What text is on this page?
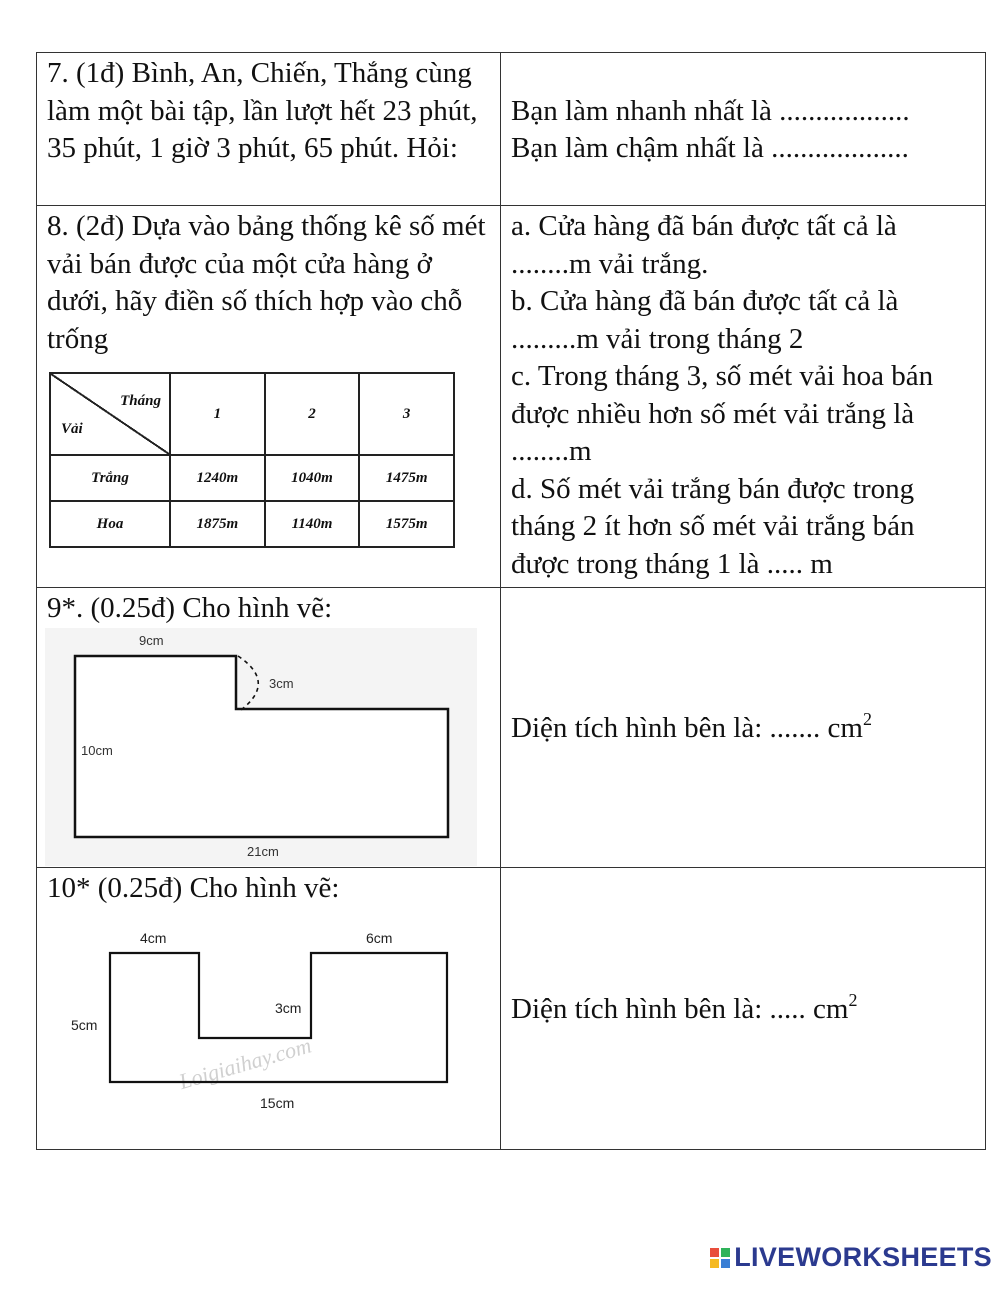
7. (1đ) Bình, An, Chiến, Thắng cùng làm một bài tập, lần lượt hết 23 phút, 35 phút, 1 giờ 3 phút, 65 phút. Hỏi:	
Bạn làm nhanh nhất là ..................
Bạn làm chậm nhất là ...................

8. (2đ) Dựa vào bảng thống kê số mét vải bán được của một cửa hàng ở dưới, hãy điền số thích hợp vào chỗ trống
Tháng
Vải
	1	2	3
Trắng	1240m	1040m	1475m
Hoa	1875m	1140m	1575m

a. Cửa hàng đã bán được tất cả là ........m vải trắng.
b. Cửa hàng đã bán được tất cả là .........m vải trong tháng 2
c. Trong tháng 3, số mét vải hoa bán được nhiều hơn số mét vải trắng là ........m
d. Số mét vải trắng bán được trong tháng 2 ít hơn số mét vải trắng bán được trong tháng 1 là ..... m

9*. (0.25đ) Cho hình vẽ:
9cm
3cm
10cm
21cm
	Diện tích hình bên là: ....... $cm^2$

10* (0.25đ) Cho hình vẽ:
Loigiaihay.com
4cm	6cm
3cm
5cm
15cm
	Diện tích hình bên là: ..... $cm^2$
LIVEWORKSHEETS
